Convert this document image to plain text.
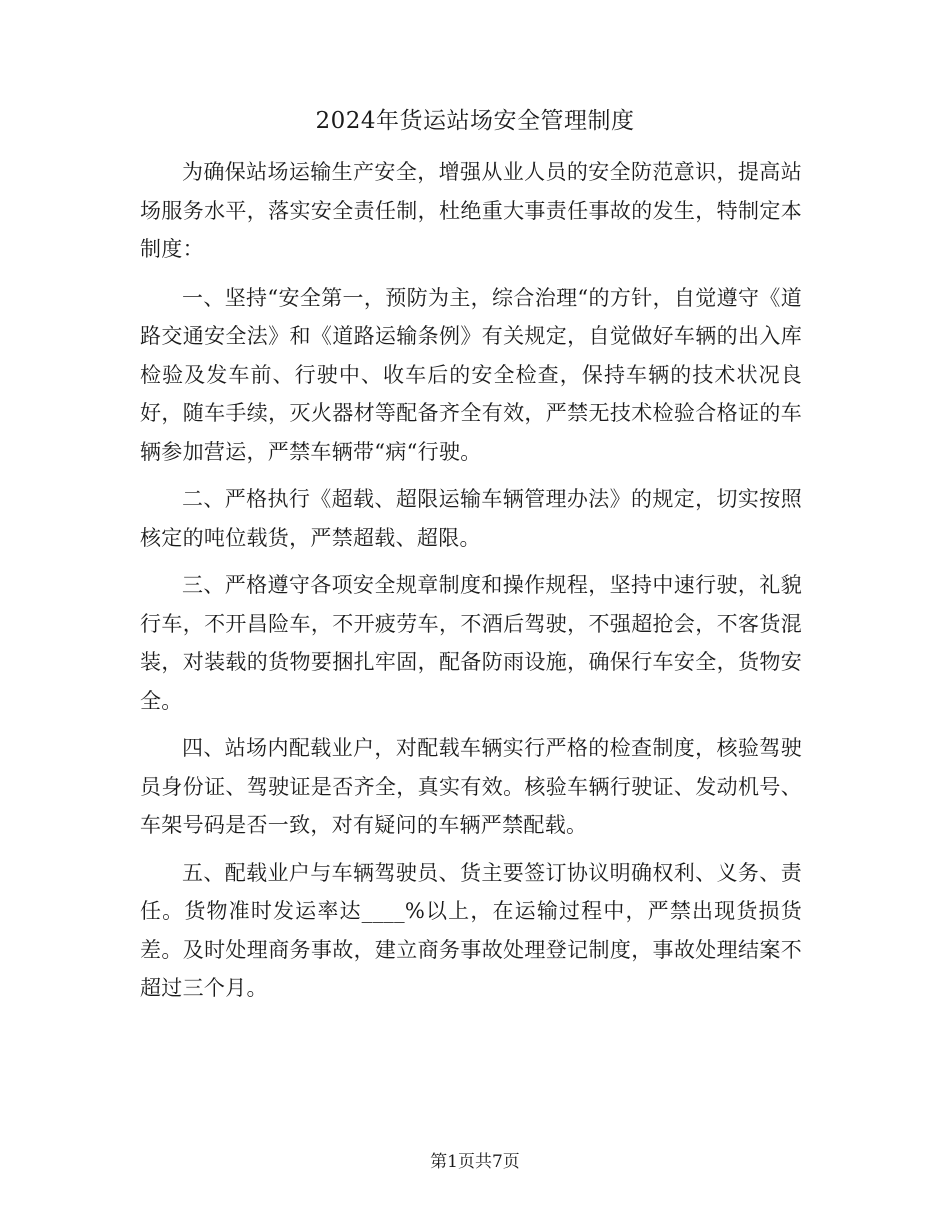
2024年货运站场安全管理制度

为确保站场运输生产安全，增强从业人员的安全防范意识，提高站场服务水平，落实安全责任制，杜绝重大事责任事故的发生，特制定本制度：

一、坚持“安全第一，预防为主，综合治理“的方针，自觉遵守《道路交通安全法》和《道路运输条例》有关规定，自觉做好车辆的出入库检验及发车前、行驶中、收车后的安全检查，保持车辆的技术状况良好，随车手续，灭火器材等配备齐全有效，严禁无技术检验合格证的车辆参加营运，严禁车辆带“病“行驶。

二、严格执行《超载、超限运输车辆管理办法》的规定，切实按照核定的吨位载货，严禁超载、超限。

三、严格遵守各项安全规章制度和操作规程，坚持中速行驶，礼貌行车，不开昌险车，不开疲劳车，不酒后驾驶，不强超抢会，不客货混装，对装载的货物要捆扎牢固，配备防雨设施，确保行车安全，货物安全。

四、站场内配载业户，对配载车辆实行严格的检查制度，核验驾驶员身份证、驾驶证是否齐全，真实有效。核验车辆行驶证、发动机号、车架号码是否一致，对有疑问的车辆严禁配载。

五、配载业户与车辆驾驶员、货主要签订协议明确权利、义务、责任。货物准时发运率达____%以上，在运输过程中，严禁出现货损货差。及时处理商务事故，建立商务事故处理登记制度，事故处理结案不超过三个月。

第1页共7页
